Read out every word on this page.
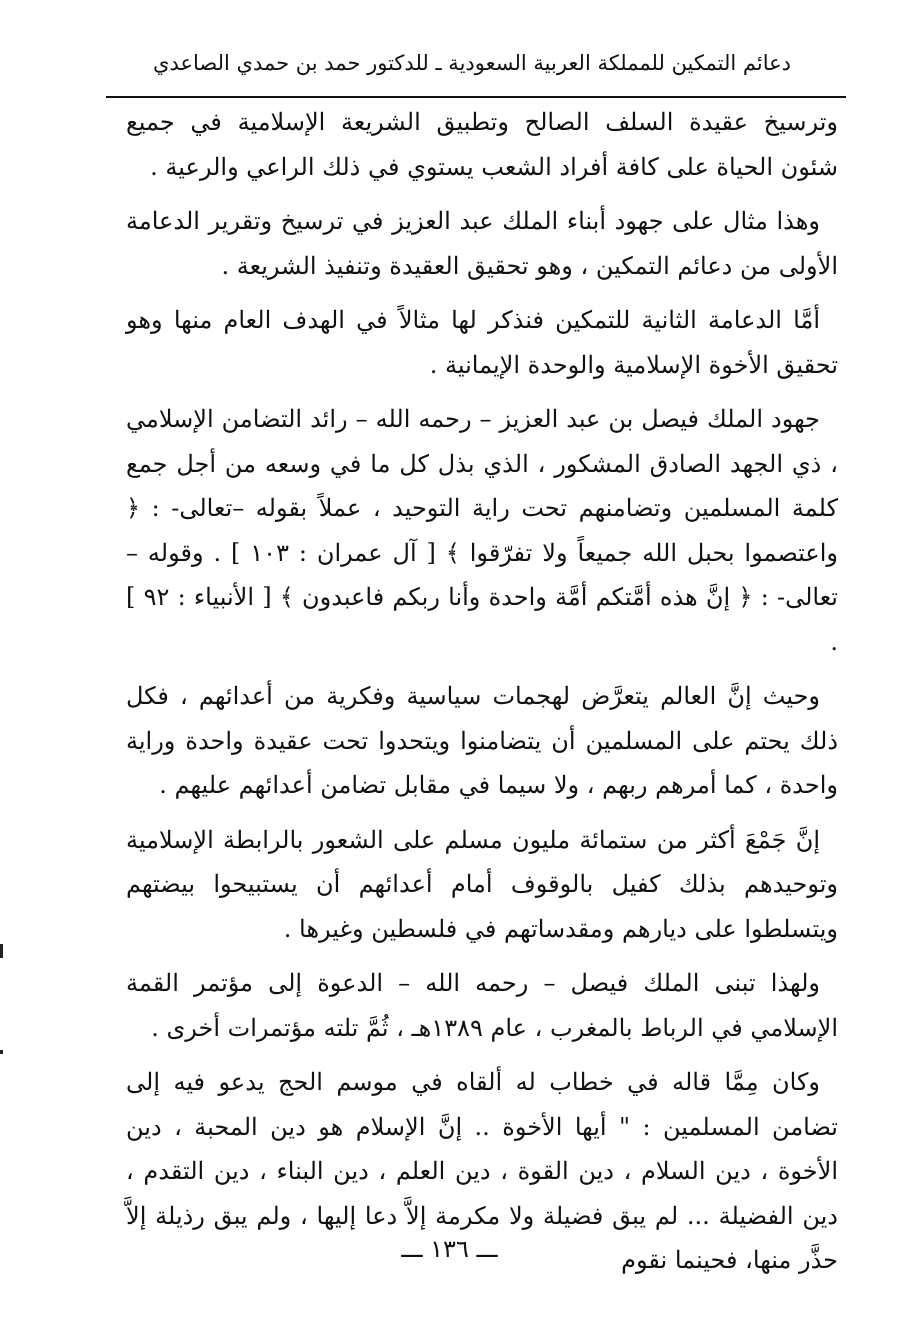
دعائم التمكين للمملكة العربية السعودية ـ للدكتور حمد بن حمدي الصاعدي

وترسيخ عقيدة السلف الصالح وتطبيق الشريعة الإسلامية في جميع شئون الحياة على كافة أفراد الشعب يستوي في ذلك الراعي والرعية .

وهذا مثال على جهود أبناء الملك عبد العزيز في ترسيخ وتقرير الدعامة الأولى من دعائم التمكين ، وهو تحقيق العقيدة وتنفيذ الشريعة .

أمَّا الدعامة الثانية للتمكين فنذكر لها مثالاً في الهدف العام منها وهو تحقيق الأخوة الإسلامية والوحدة الإيمانية .

جهود الملك فيصل بن عبد العزيز – رحمه الله – رائد التضامن الإسلامي ، ذي الجهد الصادق المشكور ، الذي بذل كل ما في وسعه من أجل جمع كلمة المسلمين وتضامنهم تحت راية التوحيد ، عملاً بقوله –تعالى- : ﴿ واعتصموا بحبل الله جميعاً ولا تفرّقوا ﴾ [ آل عمران : ١٠٣ ] . وقوله –تعالى- : ﴿ إنَّ هذه أمَّتكم أمَّة واحدة وأنا ربكم فاعبدون ﴾ [ الأنبياء : ٩٢ ] .

وحيث إنَّ العالم يتعرَّض لهجمات سياسية وفكرية من أعدائهم ، فكل ذلك يحتم على المسلمين أن يتضامنوا ويتحدوا تحت عقيدة واحدة وراية واحدة ، كما أمرهم ربهم ، ولا سيما في مقابل تضامن أعدائهم عليهم .

إنَّ جَمْعَ أكثر من ستمائة مليون مسلم على الشعور بالرابطة الإسلامية وتوحيدهم بذلك كفيل بالوقوف أمام أعدائهم أن يستبيحوا بيضتهم ويتسلطوا على ديارهم ومقدساتهم في فلسطين وغيرها .

ولهذا تبنى الملك فيصل – رحمه الله – الدعوة إلى مؤتمر القمة الإسلامي في الرباط بالمغرب ، عام ١٣٨٩هـ ، ثُمَّ تلته مؤتمرات أخرى .

وكان مِمَّا قاله في خطاب له ألقاه في موسم الحج يدعو فيه إلى تضامن المسلمين : " أيها الأخوة .. إنَّ الإسلام هو دين المحبة ، دين الأخوة ، دين السلام ، دين القوة ، دين العلم ، دين البناء ، دين التقدم ، دين الفضيلة ... لم يبق فضيلة ولا مكرمة إلاَّ دعا إليها ، ولم يبق رذيلة إلاَّ حذَّر منها، فحينما نقوم

ـــ ١٣٦ ـــ
